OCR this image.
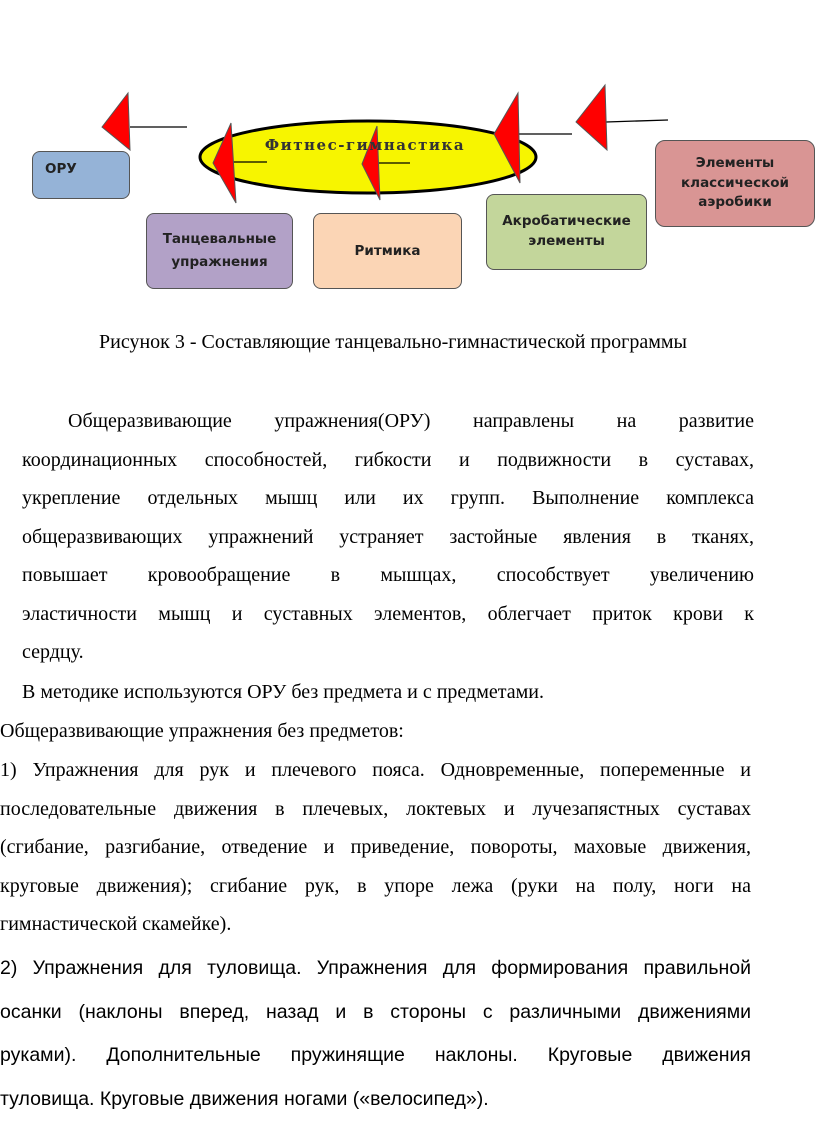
Фитнес-гимнастика
ОРУ
Танцевальные
упражнения
Ритмика
Акробатические
элементы
Элементы
классической
аэробики
Рисунок 3 - Составляющие танцевально-гимнастической программы
Общеразвивающие упражнения(ОРУ) направлены на развитие
координационных способностей, гибкости и подвижности в суставах,
укрепление отдельных мышц или их групп. Выполнение комплекса
общеразвивающих упражнений устраняет застойные явления в тканях,
повышает кровообращение в мышцах, способствует увеличению
эластичности мышц и суставных элементов, облегчает приток крови к
сердцу.
В методике используются ОРУ без предмета и с предметами.
Общеразвивающие упражнения без предметов:
1) Упражнения для рук и плечевого пояса. Одновременные, попеременные и
последовательные движения в плечевых, локтевых и лучезапястных суставах
(сгибание, разгибание, отведение и приведение, повороты, маховые движения,
круговые движения); сгибание рук, в упоре лежа (руки на полу, ноги на
гимнастической скамейке).
2) Упражнения для туловища. Упражнения для формирования правильной
осанки (наклоны вперед, назад и в стороны с различными движениями
руками). Дополнительные пружинящие наклоны. Круговые движения
туловища. Круговые движения ногами («велосипед»).
